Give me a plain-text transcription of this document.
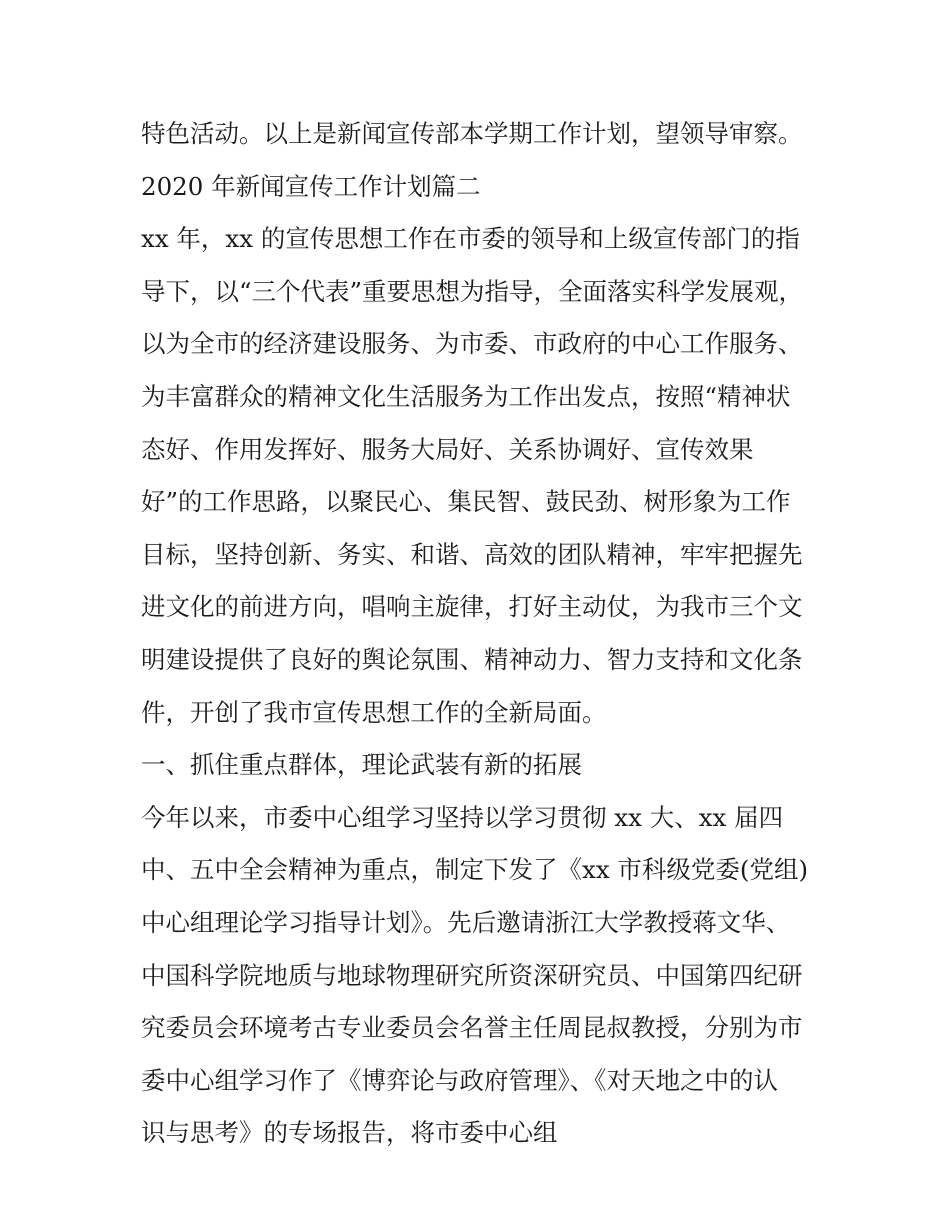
特色活动。以上是新闻宣传部本学期工作计划，望领导审察。
2020 年新闻宣传工作计划篇二
xx 年，xx 的宣传思想工作在市委的领导和上级宣传部门的指
导下，以“三个代表”重要思想为指导，全面落实科学发展观，
以为全市的经济建设服务、为市委、市政府的中心工作服务、
为丰富群众的精神文化生活服务为工作出发点，按照“精神状
态好、作用发挥好、服务大局好、关系协调好、宣传效果
好”的工作思路，以聚民心、集民智、鼓民劲、树形象为工作
目标，坚持创新、务实、和谐、高效的团队精神，牢牢把握先
进文化的前进方向，唱响主旋律，打好主动仗，为我市三个文
明建设提供了良好的舆论氛围、精神动力、智力支持和文化条
件，开创了我市宣传思想工作的全新局面。
一、抓住重点群体，理论武装有新的拓展
今年以来，市委中心组学习坚持以学习贯彻 xx 大、xx 届四
中、五中全会精神为重点，制定下发了《xx 市科级党委(党组)
中心组理论学习指导计划》。先后邀请浙江大学教授蒋文华、
中国科学院地质与地球物理研究所资深研究员、中国第四纪研
究委员会环境考古专业委员会名誉主任周昆叔教授，分别为市
委中心组学习作了《博弈论与政府管理》、《对天地之中的认
识与思考》的专场报告，将市委中心组
